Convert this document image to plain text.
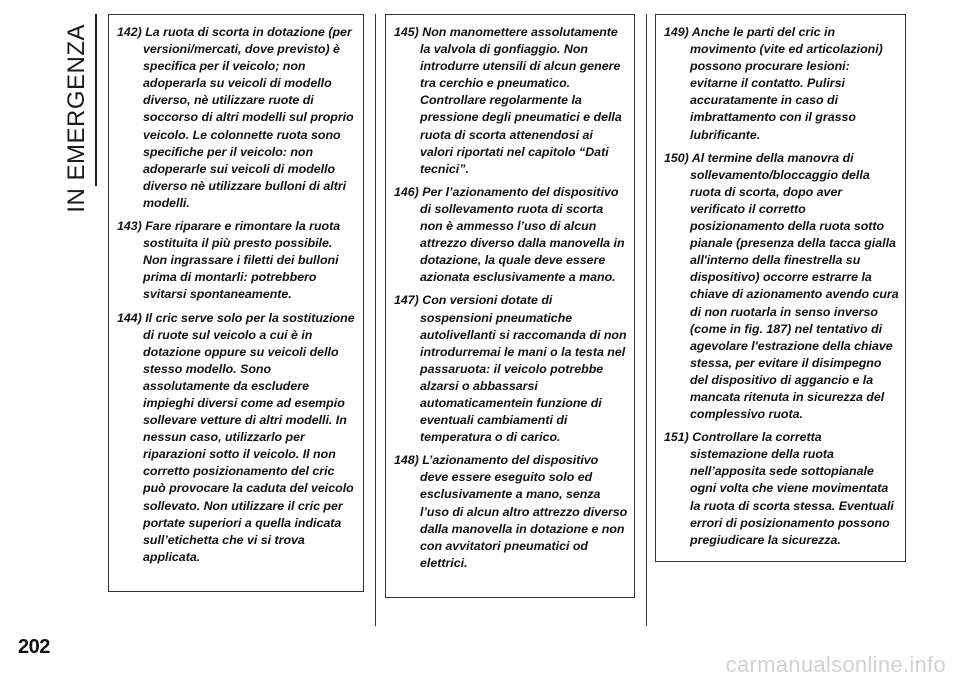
IN EMERGENZA 142) La ruota di scorta in dotazione (per versioni/mercati, dove previsto) è specifica per il veicolo; non adoperarla su veicoli di modello diverso, nè utilizzare ruote di soccorso di altri modelli sul proprio veicolo. Le colonnette ruota sono specifiche per il veicolo: non adoperarle sui veicoli di modello diverso nè utilizzare bulloni di altri modelli.

143) Fare riparare e rimontare la ruota sostituita il più presto possibile. Non ingrassare i filetti dei bulloni prima di montarli: potrebbero svitarsi spontaneamente.

144) Il cric serve solo per la sostituzione di ruote sul veicolo a cui è in dotazione oppure su veicoli dello stesso modello. Sono assolutamente da escludere impieghi diversi come ad esempio sollevare vetture di altri modelli. In nessun caso, utilizzarlo per riparazioni sotto il veicolo. Il non corretto posizionamento del cric può provocare la caduta del veicolo sollevato. Non utilizzare il cric per portate superiori a quella indicata sull’etichetta che vi si trova applicata.

145) Non manomettere assolutamente la valvola di gonfiaggio. Non introdurre utensili di alcun genere tra cerchio e pneumatico. Controllare regolarmente la pressione degli pneumatici e della ruota di scorta attenendosi ai valori riportati nel capitolo “Dati tecnici”.

146) Per l’azionamento del dispositivo di sollevamento ruota di scorta non è ammesso l’uso di alcun attrezzo diverso dalla manovella in dotazione, la quale deve essere azionata esclusivamente a mano.

147) Con versioni dotate di sospensioni pneumatiche autolivellanti si raccomanda di non introdurremai le mani o la testa nel passaruota: il veicolo potrebbe alzarsi o abbassarsi automaticamentein funzione di eventuali cambiamenti di temperatura o di carico.

148) L’azionamento del dispositivo deve essere eseguito solo ed esclusivamente a mano, senza l’uso di alcun altro attrezzo diverso dalla manovella in dotazione e non con avvitatori pneumatici od elettrici.

149) Anche le parti del cric in movimento (vite ed articolazioni) possono procurare lesioni: evitarne il contatto. Pulirsi accuratamente in caso di imbrattamento con il grasso lubrificante.

150) Al termine della manovra di sollevamento/bloccaggio della ruota di scorta, dopo aver verificato il corretto posizionamento della ruota sotto pianale (presenza della tacca gialla all'interno della finestrella su dispositivo) occorre estrarre la chiave di azionamento avendo cura di non ruotarla in senso inverso (come in fig. 187) nel tentativo di agevolare l'estrazione della chiave stessa, per evitare il disimpegno del dispositivo di aggancio e la mancata ritenuta in sicurezza del complessivo ruota.

151) Controllare la corretta sistemazione della ruota nell’apposita sede sottopianale ogni volta che viene movimentata la ruota di scorta stessa. Eventuali errori di posizionamento possono pregiudicare la sicurezza.

202
carmanualsonline.info
